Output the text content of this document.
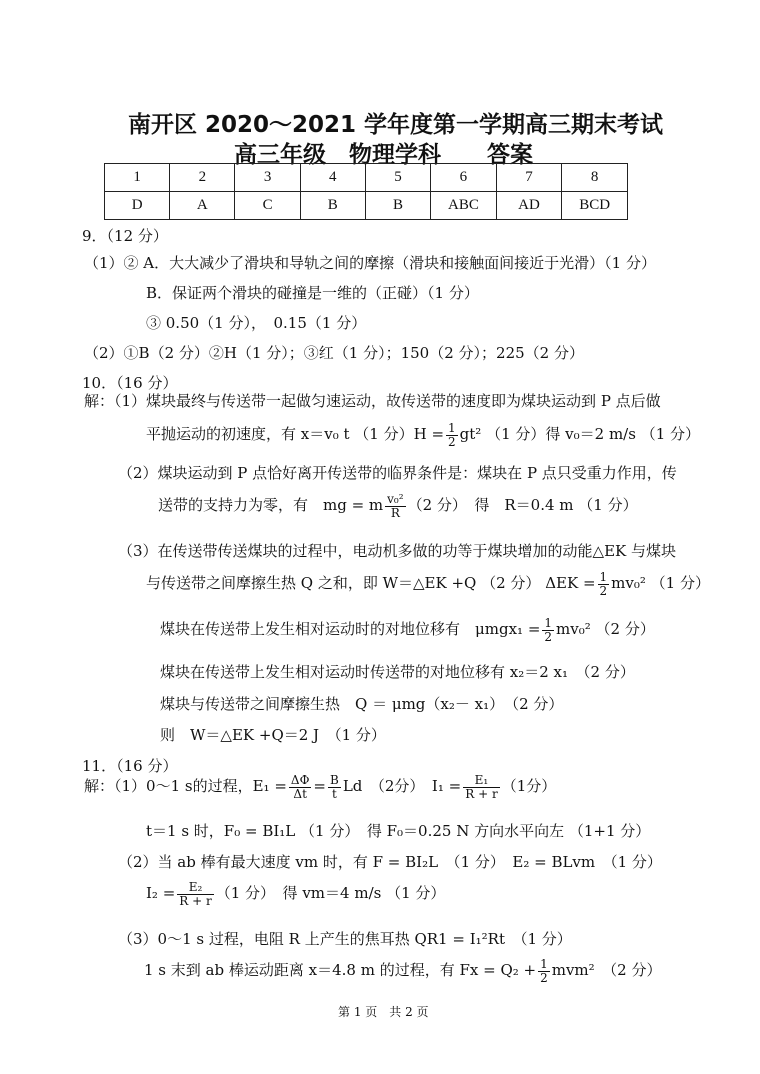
南开区 2020～2021 学年度第一学期高三期末考试
高三年级　物理学科　　答案
1	2	3	4	5	6	7	8
D	A	C	B	B	ABC	AD	BCD
9．（12 分）
（1）② A．大大减少了滑块和导轨之间的摩擦（滑块和接触面间接近于光滑）（1 分）
B．保证两个滑块的碰撞是一维的（正碰）（1 分）
③ 0.50（1 分），　0.15（1 分）
（2）①B（2 分）②H（1 分）；③红（1 分）；150（2 分）；225（2 分）
10．（16 分）
解：（1）煤块最终与传送带一起做匀速运动，故传送带的速度即为煤块运动到 P 点后做
平抛运动的初速度，有 x＝v₀ t （1 分）$H = \frac{1}{2} gt^2$ （1 分）得 v₀＝2 m/s （1 分）
（2）煤块运动到 P 点恰好离开传送带的临界条件是：煤块在 P 点只受重力作用，传
送带的支持力为零，有　mg = m $\frac{\text{v₀²}}{R} (2$ 分）　得　R＝0.4 m （1 分）
（3）在传送带传送煤块的过程中，电动机多做的功等于煤块增加的动能△EK 与煤块
与传送带之间摩擦生热 Q 之和，即 W＝△EK +Q （2 分） $\Delta EK = \frac{1}{2} mv_0^2$ （1 分）
煤块在传送带上发生相对运动时的对地位移有　$\mu mgx_1 = \frac{1}{2} mv_0^2$ （2 分）
煤块在传送带上发生相对运动时传送带的对地位移有 x₂＝2 x₁　（2 分）
煤块与传送带之间摩擦生热　Q ＝ μmg（x₂－ x₁）　（2 分）
则　W＝△EK +Q＝2 J　（1 分）
11．（16 分）
解：（1）0～1 s的过程，$E_1 = \frac{\Delta\Phi}{\Delta t} = \frac{B}{t}$ Ld　（2分）　$I_1 = \frac{\text{E₁}}{R + r} (1$分）
t＝1 s 时，F₀ = BI₁L （1 分）　得 F₀＝0.25 N 方向水平向左 （1+1 分）
（2）当 ab 棒有最大速度 vm 时，有 F = BI₂L　（1 分）　E₂ = BLvm　（1 分）
$I_2 = \frac{\text{E₂}}{R + r} (1$ 分）　得 vm＝4 m/s （1 分）
（3）0～1 s 过程，电阻 R 上产生的焦耳热 QR1 = I₁²Rt　（1 分）
1 s 末到 ab 棒运动距离 x＝4.8 m 的过程，有 $Fx = Q_2 + \frac{1}{2} mvm^2$　（2 分）
第 1 页　共 2 页
